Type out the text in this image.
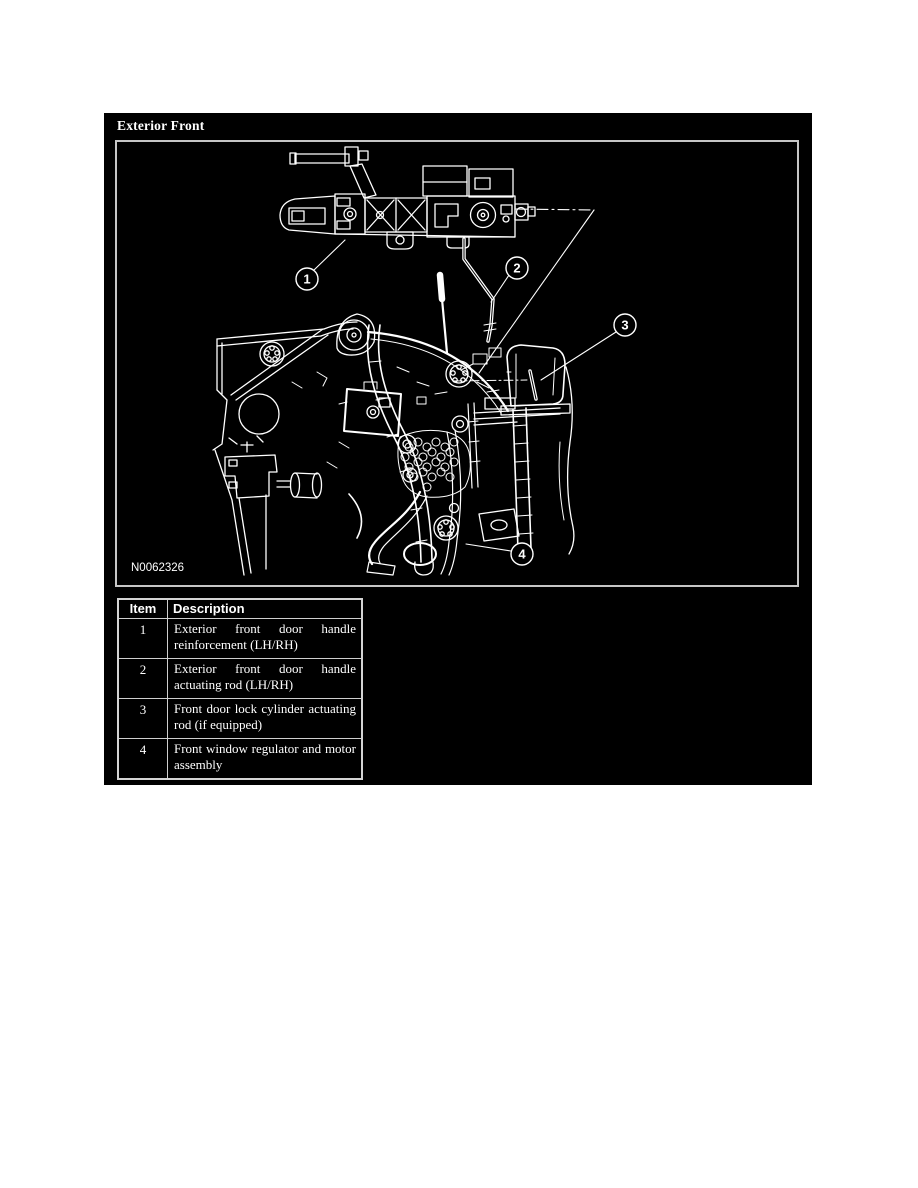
Exterior Front
1
2
3
4
N0062326
Item	Description
1	Exterior front door handle reinforcement (LH/RH)
2	Exterior front door handle actuating rod (LH/RH)
3	Front door lock cylinder actuating rod (if equipped)
4	Front window regulator and motor assembly
